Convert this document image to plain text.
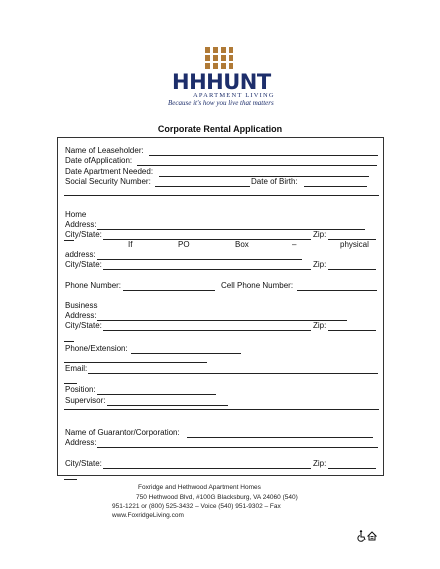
HHHUNT
APARTMENT LIVING
Because it's how you live that matters
Corporate Rental Application
Name of Leaseholder:
Date ofApplication:
Date Apartment Needed:
Social Security Number:	Date of Birth:
Home
Address:
City/State:	Zip:
If	PO	Box	–	physical
address:
City/State:	Zip:
Phone Number:	Cell Phone Number:
Business
Address:
City/State:	Zip:
Phone/Extension:
Email:
Position:
Supervisor:
Name of Guarantor/Corporation:
Address:
City/State:	Zip:
Foxridge and Hethwood Apartment Homes
750 Hethwood Blvd, #100G Blacksburg, VA 24060 (540)
951-1221 or (800) 525-3432 – Voice (540) 951-9302 – Fax
www.FoxridgeLiving.com
